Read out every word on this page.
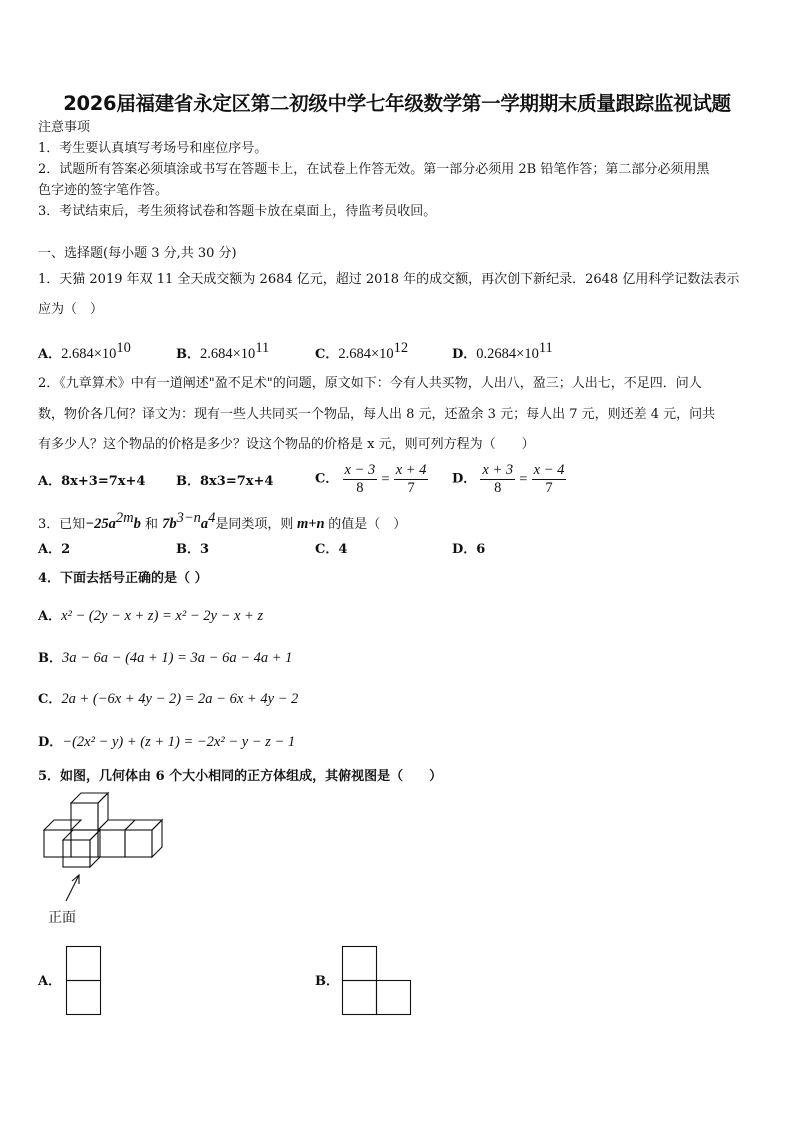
2026届福建省永定区第二初级中学七年级数学第一学期期末质量跟踪监视试题
注意事项
1．考生要认真填写考场号和座位序号。
2．试题所有答案必须填涂或书写在答题卡上，在试卷上作答无效。第一部分必须用 2B 铅笔作答；第二部分必须用黑
色字迹的签字笔作答。
3．考试结束后，考生须将试卷和答题卡放在桌面上，待监考员收回。
一、选择题(每小题 3 分,共 30 分)
1．天猫 2019 年双 11 全天成交额为 2684 亿元，超过 2018 年的成交额，再次创下新纪录．2648 亿用科学记数法表示
应为（　）
A．$2.684\times 10^{10}$	B．$2.684\times 10^{11}$	C．$2.684\times 10^{12}$	D．$0.2684\times 10^{11}$
2．《九章算术》中有一道阐述"盈不足术"的问题，原文如下：今有人共买物，人出八，盈三；人出七，不足四．问人
数，物价各几何？译文为：现有一些人共同买一个物品，每人出 8 元，还盈余 3 元；每人出 7 元，则还差 4 元，问共
有多少人？这个物品的价格是多少？设这个物品的价格是 x 元，则可列方程为（　　）
A．8x+3=7x+4 B．8x3=7x+4	C． $\frac{x - 3}{8} = \frac{x + 4}{7}$ D． $\frac{x + 3}{8} = \frac{x - 4}{7}$
3．已知$-25a^{2m}b$ 和 $7b^{3-n}a^4$是同类项，则 m+n 的值是（　）
A．2	B．3	C．4	D．6
4．下面去括号正确的是（ ）
A．x² − (2y − x + z) = x² − 2y − x + z
B．3a − 6a − (4a + 1) = 3a − 6a − 4a + 1
C．2a + (−6x + 4y − 2) = 2a − 6x + 4y − 2
D．−(2x² − y) + (z + 1) = −2x² − y − z − 1
5．如图，几何体由 6 个大小相同的正方体组成，其俯视图是（　　）
正面
A．	B．
